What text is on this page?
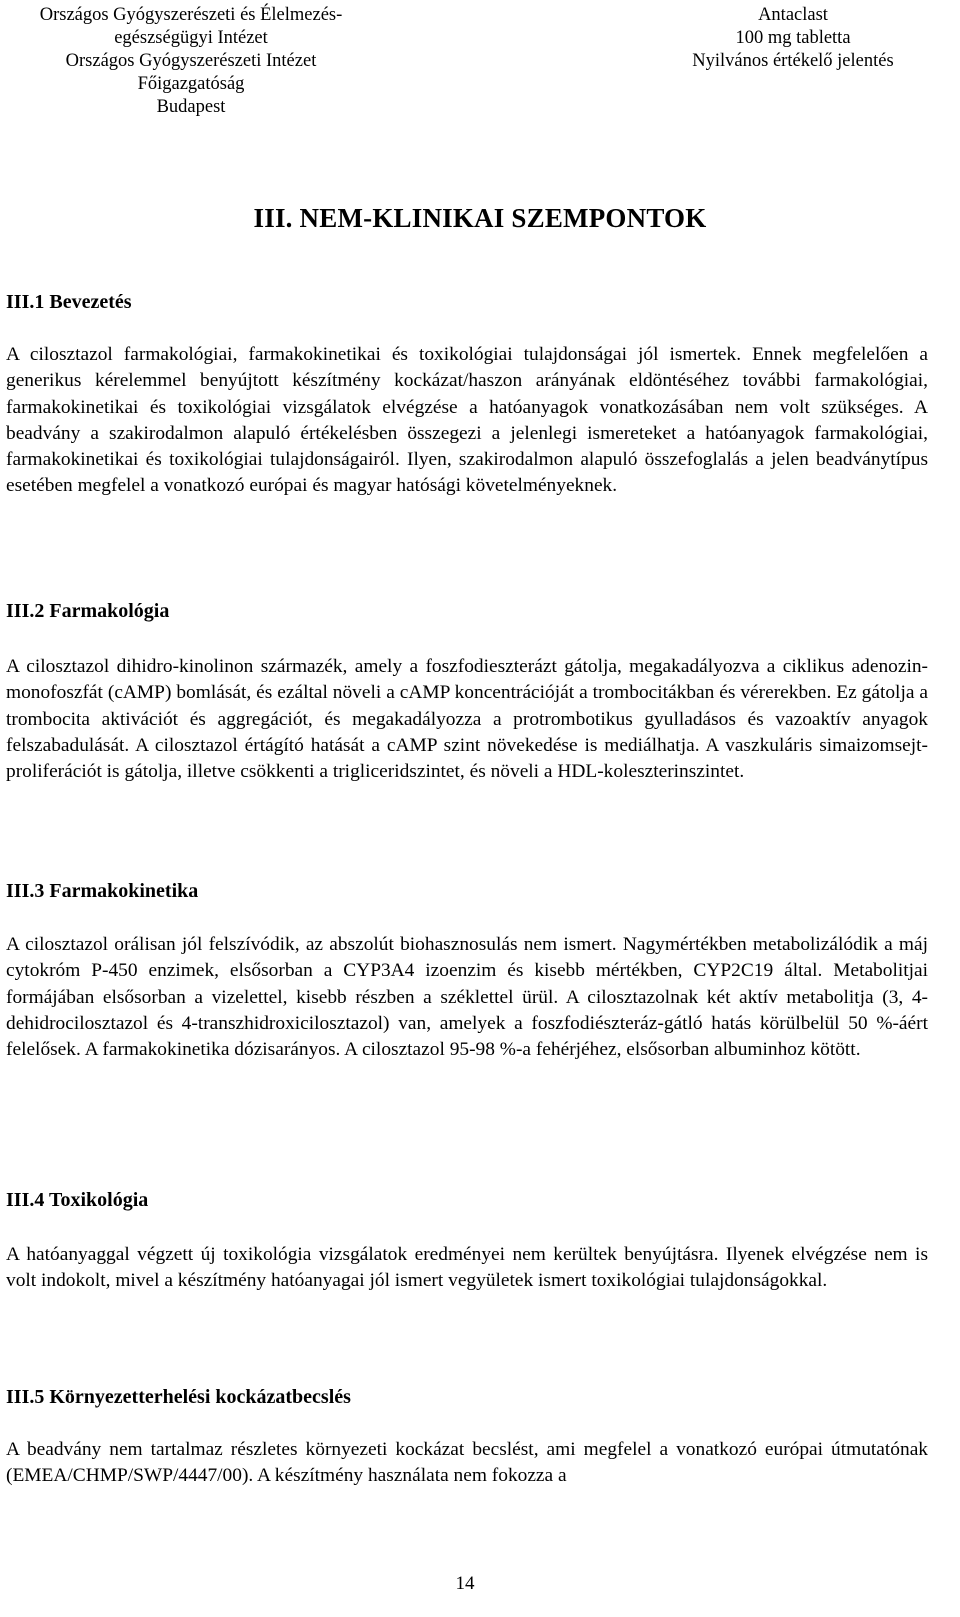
Országos Gyógyszerészeti és Élelmezés-
egészségügyi Intézet
Országos Gyógyszerészeti Intézet
Főigazgatóság
Budapest
Antaclast
100 mg tabletta
Nyilvános értékelő jelentés
III. NEM-KLINIKAI SZEMPONTOK
III.1 Bevezetés

A cilosztazol farmakológiai, farmakokinetikai és toxikológiai tulajdonságai jól ismertek. Ennek megfelelően a generikus kérelemmel benyújtott készítmény kockázat/haszon arányának eldöntéséhez további farmakológiai, farmakokinetikai és toxikológiai vizsgálatok elvégzése a hatóanyagok vonatkozásában nem volt szükséges. A beadvány a szakirodalmon alapuló értékelésben összegezi a jelenlegi ismereteket a hatóanyagok farmakológiai, farmakokinetikai és toxikológiai tulajdonságairól. Ilyen, szakirodalmon alapuló összefoglalás a jelen beadványtípus esetében megfelel a vonatkozó európai és magyar hatósági követelményeknek.

III.2 Farmakológia

A cilosztazol dihidro-kinolinon származék, amely a foszfodieszterázt gátolja, megakadályozva a ciklikus adenozin-monofoszfát (cAMP) bomlását, és ezáltal növeli a cAMP koncentrációját a trombocitákban és vérerekben. Ez gátolja a trombocita aktivációt és aggregációt, és megakadályozza a protrombotikus gyulladásos és vazoaktív anyagok felszabadulását. A cilosztazol értágító hatását a cAMP szint növekedése is mediálhatja. A vaszkuláris simaizomsejtproliferációt is gátolja, illetve csökkenti a trigliceridszintet, és növeli a HDL-koleszterinszintet.

III.3 Farmakokinetika

A cilosztazol orálisan jól felszívódik, az abszolút biohasznosulás nem ismert. Nagymértékben metabolizálódik a máj cytokróm P-450 enzimek, elsősorban a CYP3A4 izoenzim és kisebb mértékben, CYP2C19 által. Metabolitjai formájában elsősorban a vizelettel, kisebb részben a széklettel ürül. A cilosztazolnak két aktív metabolitja (3, 4-dehidrocilosztazol és 4-transzhidroxicilosztazol) van, amelyek a foszfodiészteráz-gátló hatás körülbelül 50 %-áért felelősek. A farmakokinetika dózisarányos. A cilosztazol 95-98 %-a fehérjéhez, elsősorban albuminhoz kötött.

III.4 Toxikológia

A hatóanyaggal végzett új toxikológia vizsgálatok eredményei nem kerültek benyújtásra. Ilyenek elvégzése nem is volt indokolt, mivel a készítmény hatóanyagai jól ismert vegyületek ismert toxikológiai tulajdonságokkal.

III.5 Környezetterhelési kockázatbecslés

A beadvány nem tartalmaz részletes környezeti kockázat becslést, ami megfelel a vonatkozó európai útmutatónak (EMEA/CHMP/SWP/4447/00). A készítmény használata nem fokozza a

14
